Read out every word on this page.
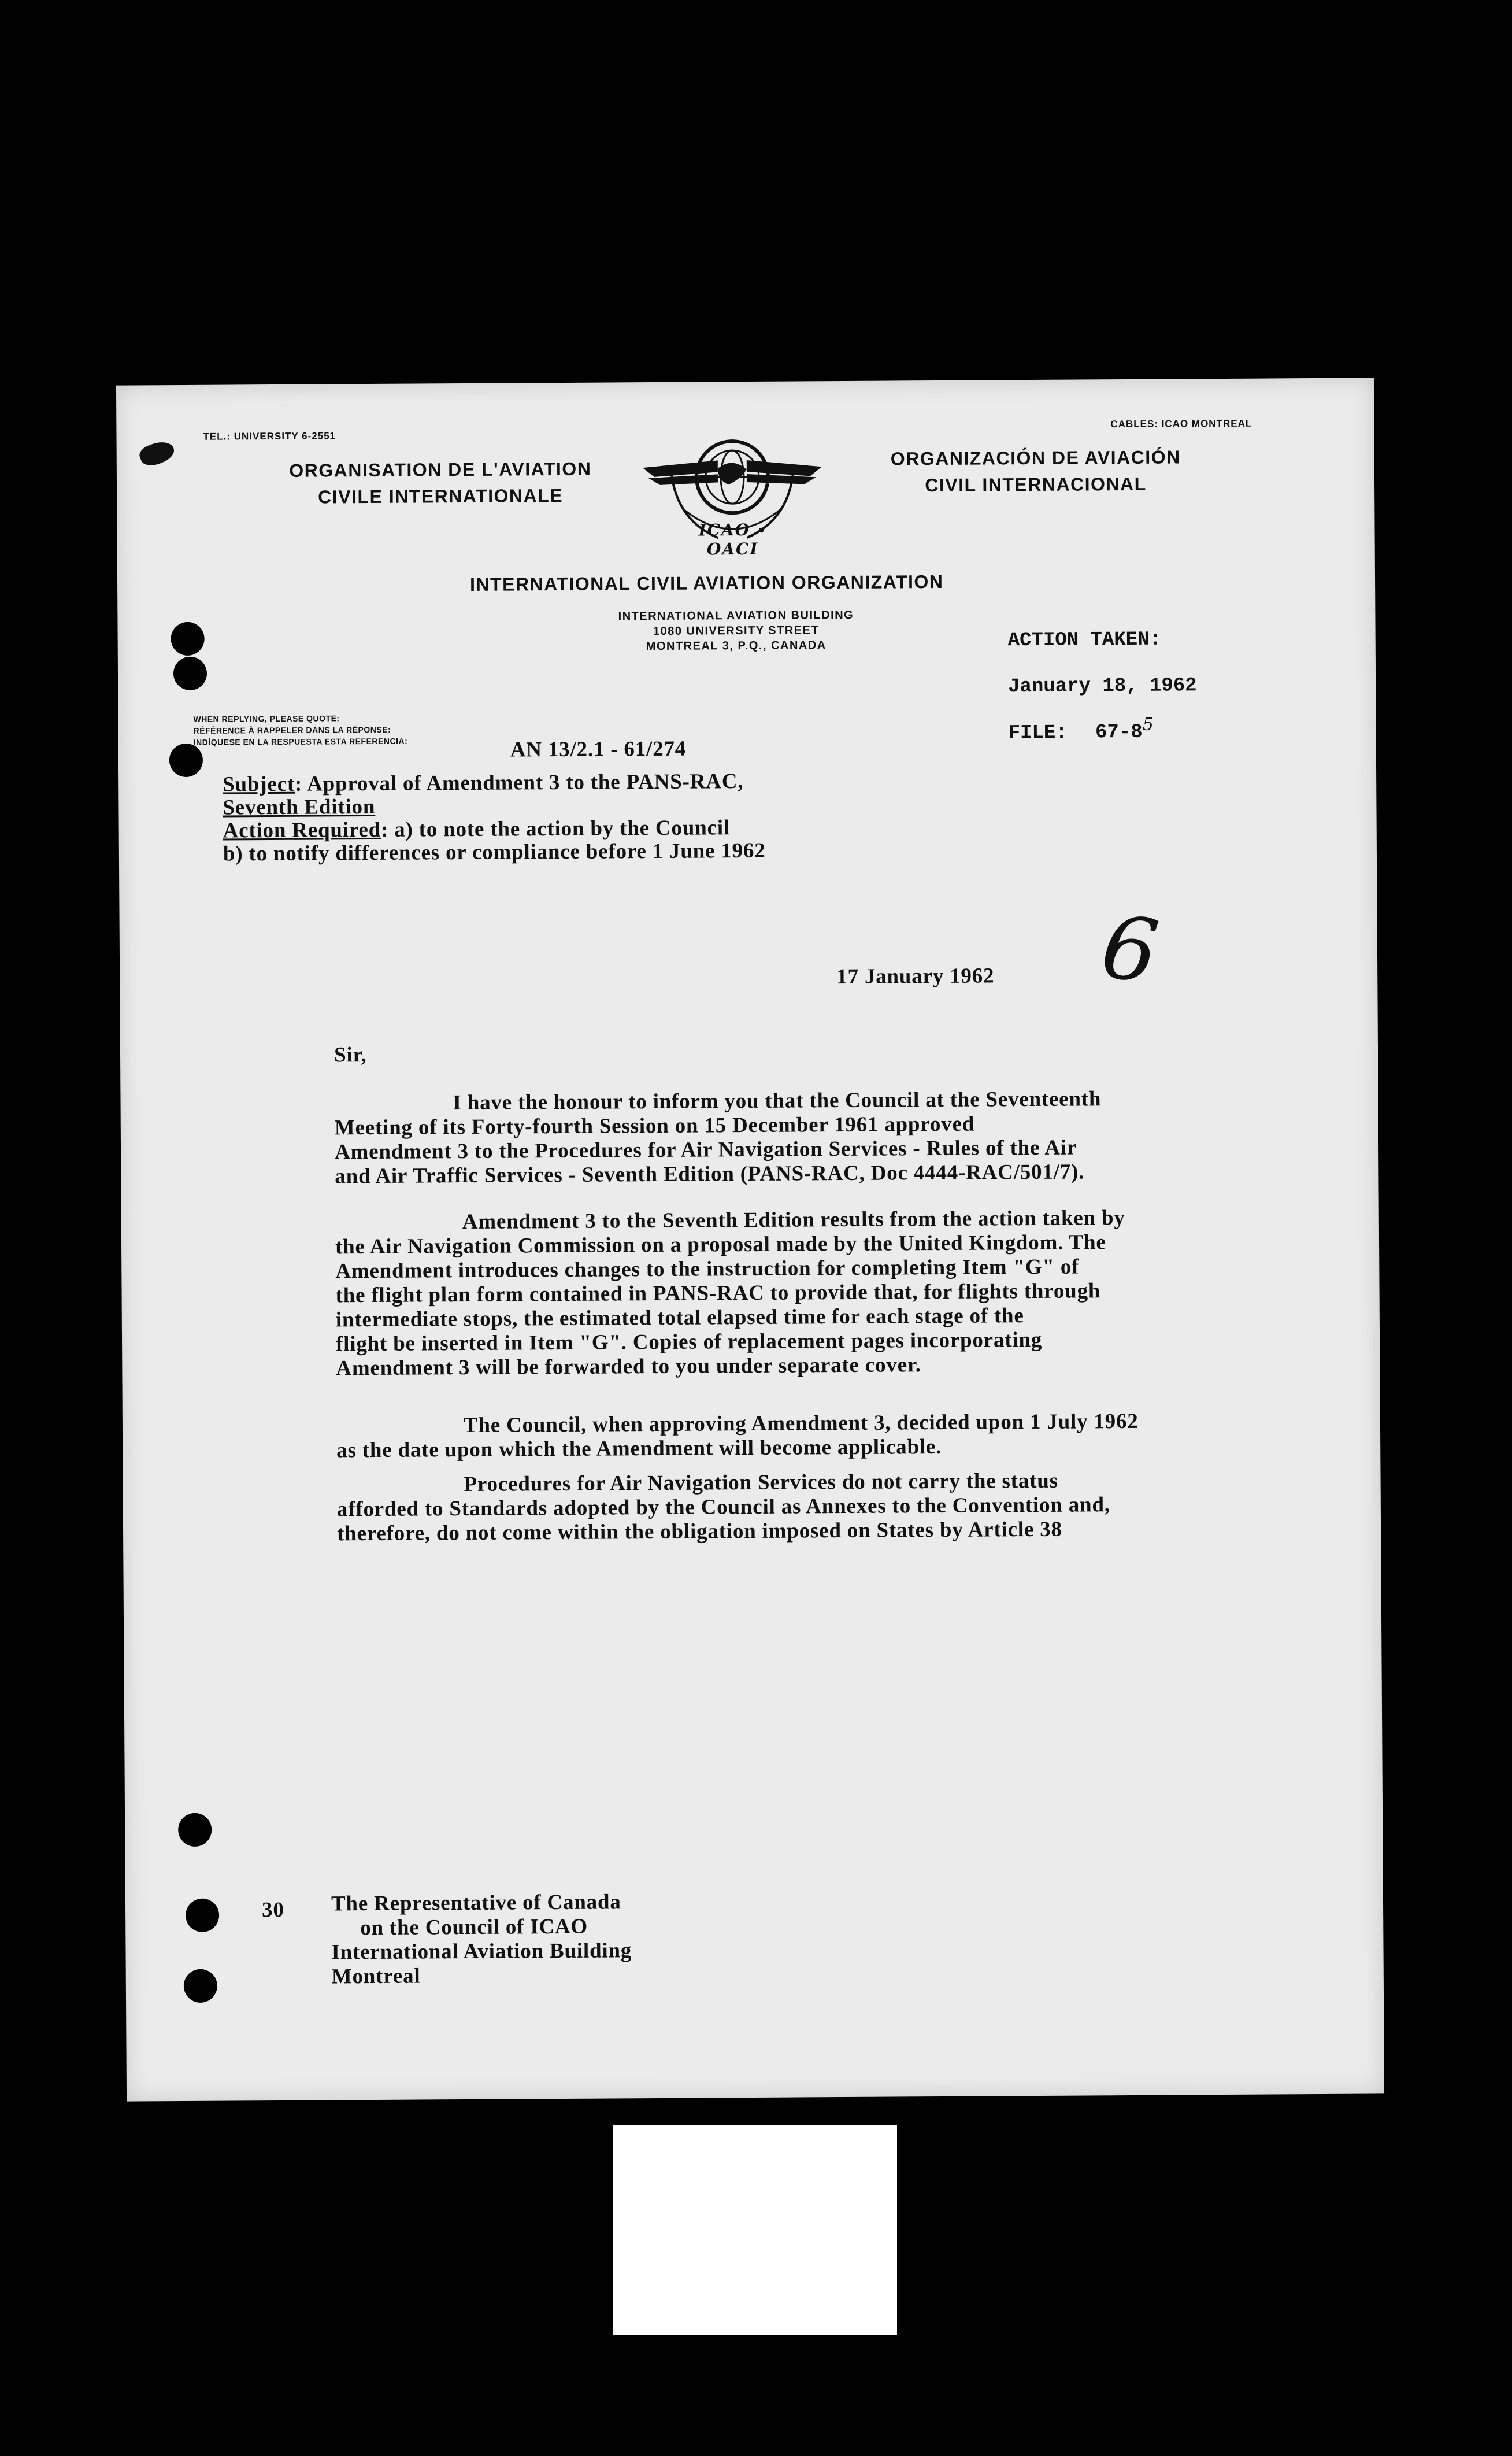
TEL.: UNIVERSITY 6-2551
CABLES: ICAO MONTREAL
ORGANISATION DE L'AVIATION
CIVILE INTERNATIONALE
ORGANIZACIÓN DE AVIACIÓN
CIVIL INTERNACIONAL
ICAO ∘ OACI
INTERNATIONAL CIVIL AVIATION ORGANIZATION
INTERNATIONAL AVIATION BUILDING
1080 UNIVERSITY STREET
MONTREAL 3, P.Q., CANADA	ACTION TAKEN:
January 18, 1962
FILE: $67-8^5$
WHEN REPLYING, PLEASE QUOTE:
RÉFÉRENCE À RAPPELER DANS LA RÉPONSE:
INDÍQUESE EN LA RESPUESTA ESTA REFERENCIA:	AN 13/2.1 - 61/274
Subject: Approval of Amendment 3 to the PANS-RAC,
Seventh Edition
Action Required: a) to note the action by the Council
b) to notify differences or compliance before 1 June 1962
17 January 1962 6
Sir,
I have the honour to inform you that the Council at the Seventeenth
Meeting of its Forty-fourth Session on 15 December 1961 approved
Amendment 3 to the Procedures for Air Navigation Services - Rules of the Air
and Air Traffic Services - Seventh Edition (PANS-RAC, Doc 4444-RAC/501/7).
Amendment 3 to the Seventh Edition results from the action taken by
the Air Navigation Commission on a proposal made by the United Kingdom. The
Amendment introduces changes to the instruction for completing Item "G" of
the flight plan form contained in PANS-RAC to provide that, for flights through
intermediate stops, the estimated total elapsed time for each stage of the
flight be inserted in Item "G". Copies of replacement pages incorporating
Amendment 3 will be forwarded to you under separate cover.
The Council, when approving Amendment 3, decided upon 1 July 1962
as the date upon which the Amendment will become applicable.
Procedures for Air Navigation Services do not carry the status
afforded to Standards adopted by the Council as Annexes to the Convention and,
therefore, do not come within the obligation imposed on States by Article 38
30 The Representative of Canada
on the Council of ICAO
International Aviation Building
Montreal
